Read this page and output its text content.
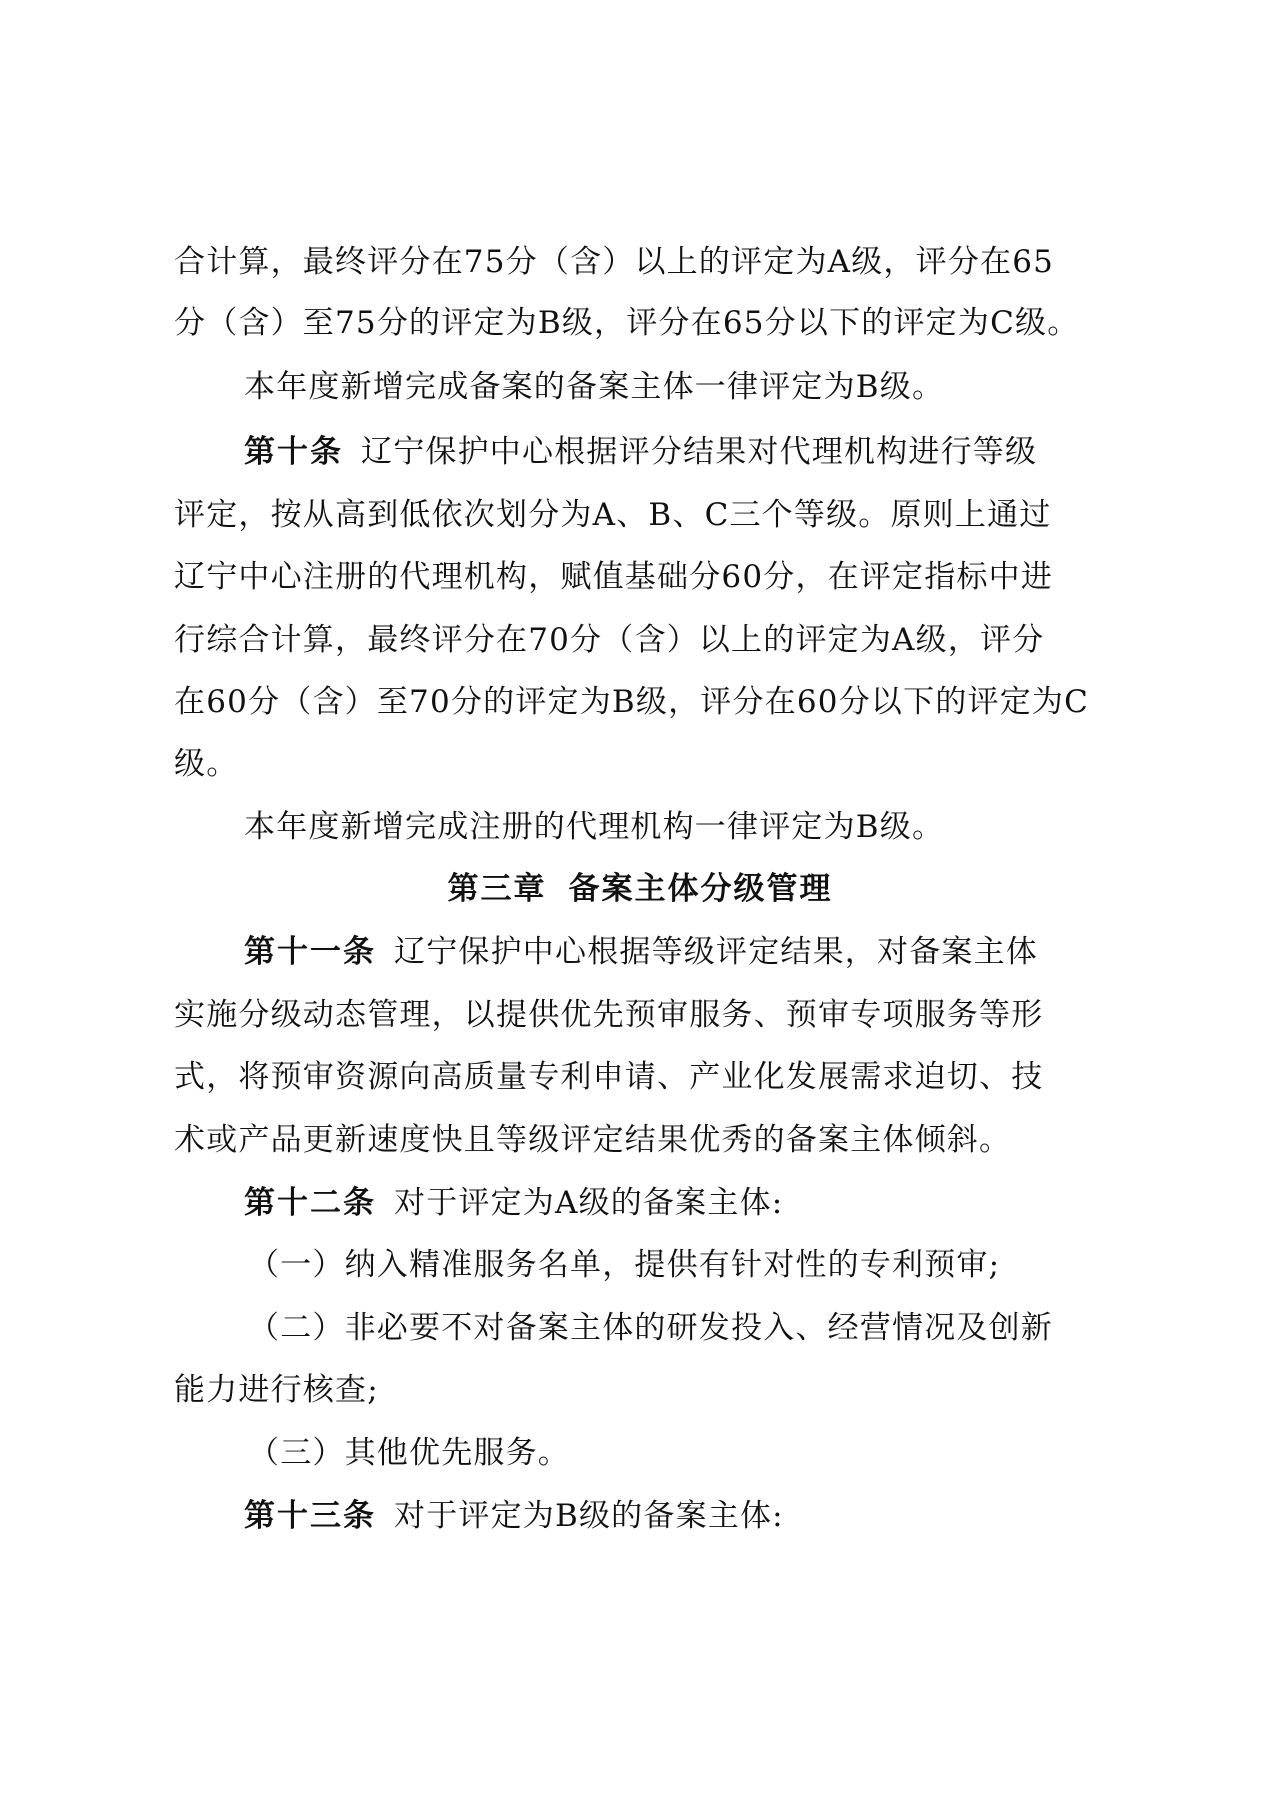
合计算，最终评分在75分（含）以上的评定为A级，评分在65
分（含）至75分的评定为B级，评分在65分以下的评定为C级。
本年度新增完成备案的备案主体一律评定为B级。
第十条 辽宁保护中心根据评分结果对代理机构进行等级
评定，按从高到低依次划分为A、B、C三个等级。原则上通过
辽宁中心注册的代理机构，赋值基础分60分，在评定指标中进
行综合计算，最终评分在70分（含）以上的评定为A级，评分
在60分（含）至70分的评定为B级，评分在60分以下的评定为C
级。
本年度新增完成注册的代理机构一律评定为B级。
第三章 备案主体分级管理
第十一条 辽宁保护中心根据等级评定结果，对备案主体
实施分级动态管理，以提供优先预审服务、预审专项服务等形
式，将预审资源向高质量专利申请、产业化发展需求迫切、技
术或产品更新速度快且等级评定结果优秀的备案主体倾斜。
第十二条 对于评定为A级的备案主体:
（一）纳入精准服务名单，提供有针对性的专利预审;
（二）非必要不对备案主体的研发投入、经营情况及创新
能力进行核查;
（三）其他优先服务。
第十三条 对于评定为B级的备案主体:
